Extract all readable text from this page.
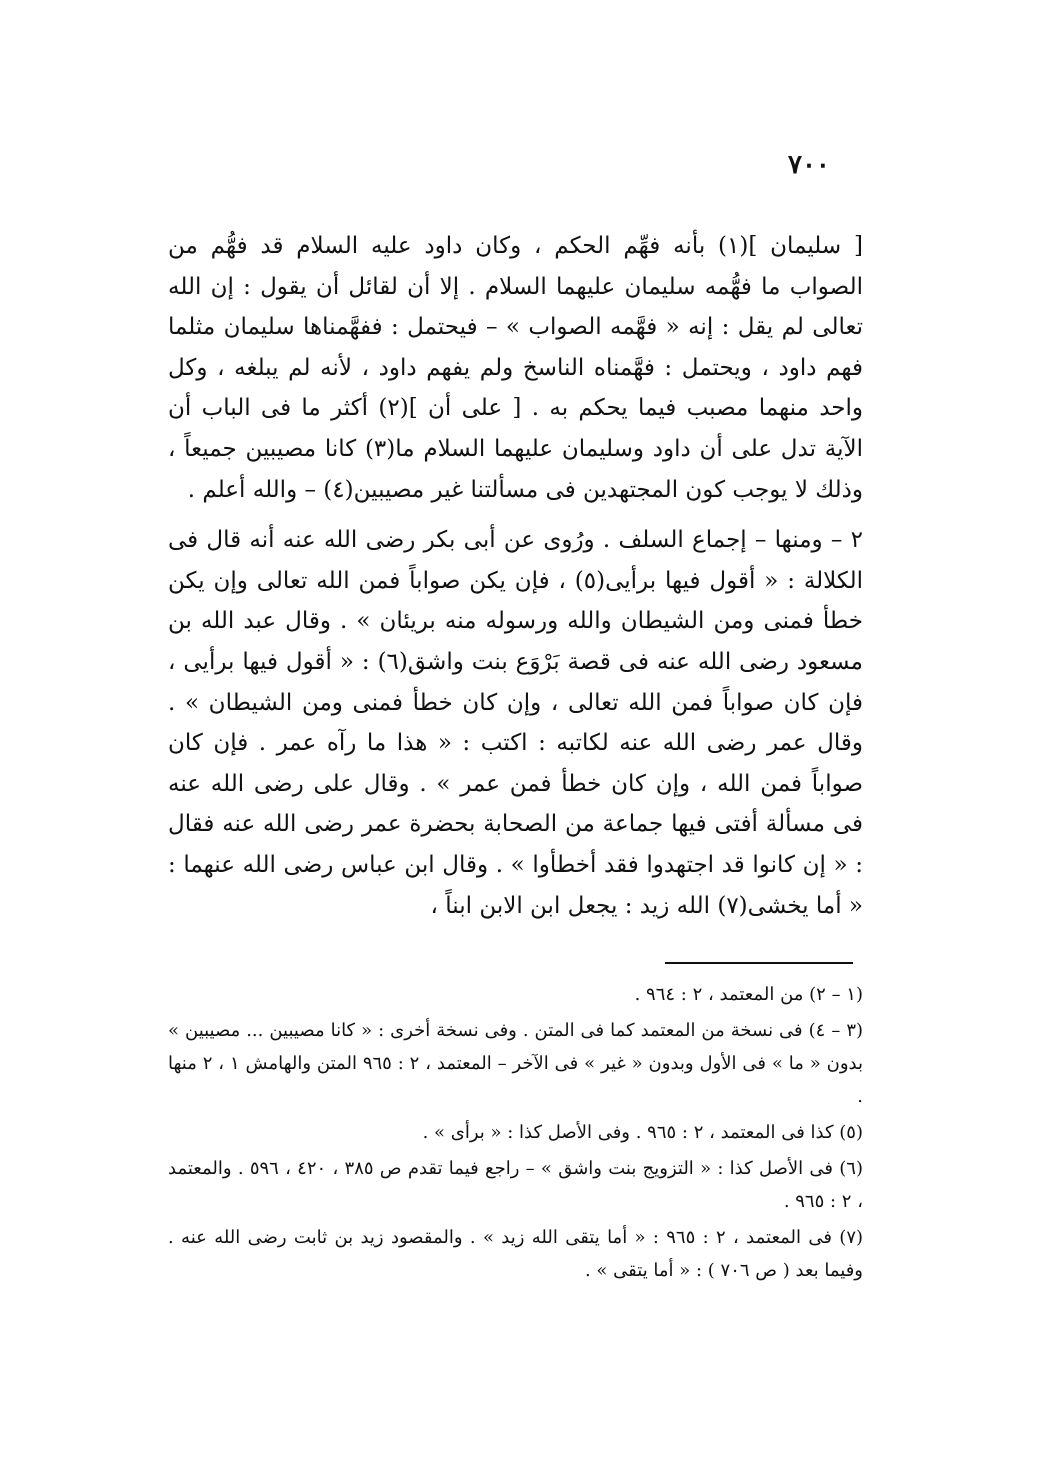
٧٠٠

[ سليمان ](١) بأنه فهِّم الحكم ، وكان داود عليه السلام قد فهُّم من الصواب ما فهُّمه سليمان عليهما السلام . إلا أن لقائل أن يقول : إن الله تعالى لم يقل : إنه « فهَّمه الصواب » – فيحتمل : ففهَّمناها سليمان مثلما فهم داود ، ويحتمل : فهَّمناه الناسخ ولم يفهم داود ، لأنه لم يبلغه ، وكل واحد منهما مصبب فيما يحكم به . [ على أن ](٢) أكثر ما فى الباب أن الآية تدل على أن داود وسليمان عليهما السلام ما(٣) كانا مصيبين جميعاً ، وذلك لا يوجب كون المجتهدين فى مسألتنا غير مصيبين(٤) – والله أعلم .

٢ – ومنها – إجماع السلف . ورُوى عن أبى بكر رضى الله عنه أنه قال فى الكلالة : « أقول فيها برأيى(٥) ، فإن يكن صواباً فمن الله تعالى وإن يكن خطأ فمنى ومن الشيطان والله ورسوله منه بريئان » . وقال عبد الله بن مسعود رضى الله عنه فى قصة بَرْوَع بنت واشق(٦) : « أقول فيها برأيى ، فإن كان صواباً فمن الله تعالى ، وإن كان خطأ فمنى ومن الشيطان » . وقال عمر رضى الله عنه لكاتبه : اكتب : « هذا ما رآه عمر . فإن كان صواباً فمن الله ، وإن كان خطأ فمن عمر » . وقال على رضى الله عنه فى مسألة أفتى فيها جماعة من الصحابة بحضرة عمر رضى الله عنه فقال : « إن كانوا قد اجتهدوا فقد أخطأوا » . وقال ابن عباس رضى الله عنهما : « أما يخشى(٧) الله زيد : يجعل ابن الابن ابناً ،

(١ – ٢) من المعتمد ، ٢ : ٩٦٤ .

(٣ – ٤) فى نسخة من المعتمد كما فى المتن . وفى نسخة أخرى : « كانا مصيبين ... مصيبين » بدون « ما » فى الأول وبدون « غير » فى الآخر – المعتمد ، ٢ : ٩٦٥ المتن والهامش ١ ، ٢ منها .

(٥) كذا فى المعتمد ، ٢ : ٩٦٥ . وفى الأصل كذا : « برأى » .

(٦) فى الأصل كذا : « التزويج بنت واشق » – راجع فيما تقدم ص ٣٨٥ ، ٤٢٠ ، ٥٩٦ . والمعتمد ، ٢ : ٩٦٥ .

(٧) فى المعتمد ، ٢ : ٩٦٥ : « أما يتقى الله زيد » . والمقصود زيد بن ثابت رضى الله عنه . وفيما بعد ( ص ٧٠٦ ) : « أما يتقى » .
